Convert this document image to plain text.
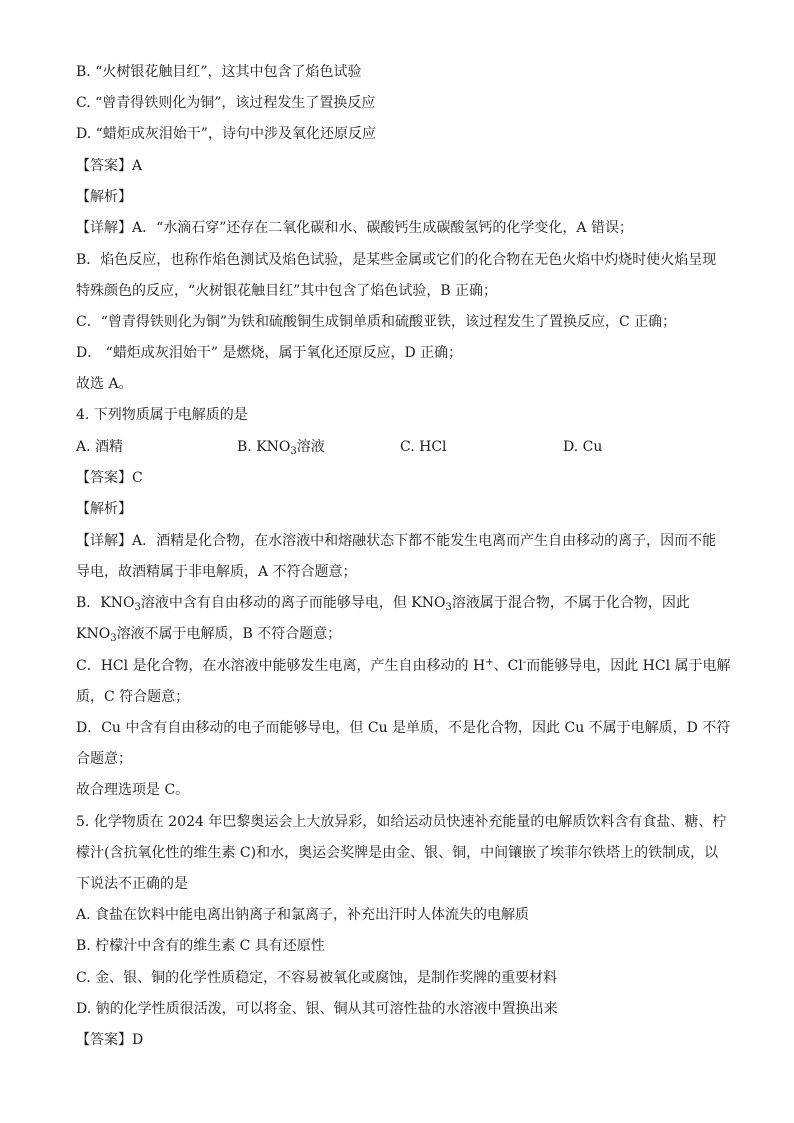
B. “火树银花触目红”，这其中包含了焰色试验
C. “曾青得铁则化为铜”，该过程发生了置换反应
D. “蜡炬成灰泪始干”，诗句中涉及氧化还原反应
【答案】A
【解析】
【详解】A．“水滴石穿”还存在二氧化碳和水、碳酸钙生成碳酸氢钙的化学变化，A 错误；
B．焰色反应，也称作焰色测试及焰色试验，是某些金属或它们的化合物在无色火焰中灼烧时使火焰呈现
特殊颜色的反应，“火树银花触目红”其中包含了焰色试验，B 正确；
C．“曾青得铁则化为铜”为铁和硫酸铜生成铜单质和硫酸亚铁，该过程发生了置换反应，C 正确；
D． “蜡炬成灰泪始干” 是燃烧，属于氧化还原反应，D 正确；
故选 A。
4. 下列物质属于电解质的是
A. 酒精	B. $KNO_3$溶液	C. HCl	D. Cu
【答案】C
【解析】
【详解】A．酒精是化合物，在水溶液中和熔融状态下都不能发生电离而产生自由移动的离子，因而不能
导电，故酒精属于非电解质，A 不符合题意；
B．$KNO_3$溶液中含有自由移动的离子而能够导电，但 $KNO_3$溶液属于混合物，不属于化合物，因此
$KNO_3$溶液不属于电解质，B 不符合题意；
C．HCl 是化合物，在水溶液中能够发生电离，产生自由移动的 H+、Cl-而能够导电，因此 HCl 属于电解
质，C 符合题意；
D．Cu 中含有自由移动的电子而能够导电，但 Cu 是单质，不是化合物，因此 Cu 不属于电解质，D 不符
合题意；
故合理选项是 C。
5. 化学物质在 2024 年巴黎奥运会上大放异彩，如给运动员快速补充能量的电解质饮料含有食盐、糖、柠
檬汁(含抗氧化性的维生素 C)和水，奥运会奖牌是由金、银、铜，中间镶嵌了埃菲尔铁塔上的铁制成，以
下说法不正确的是
A. 食盐在饮料中能电离出钠离子和氯离子，补充出汗时人体流失的电解质
B. 柠檬汁中含有的维生素 C 具有还原性
C. 金、银、铜的化学性质稳定，不容易被氧化或腐蚀，是制作奖牌的重要材料
D. 钠的化学性质很活泼，可以将金、银、铜从其可溶性盐的水溶液中置换出来
【答案】D
